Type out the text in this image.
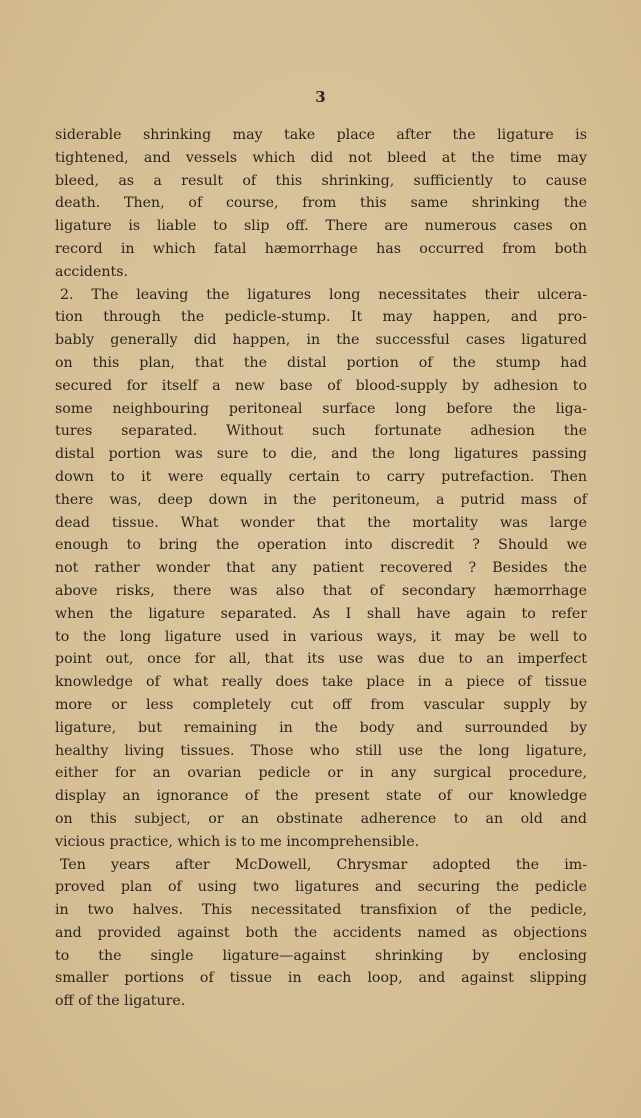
3
siderable shrinking may take place after the ligature is
tightened, and vessels which did not bleed at the time may
bleed, as a result of this shrinking, sufficiently to cause
death. Then, of course, from this same shrinking the
ligature is liable to slip off. There are numerous cases on
record in which fatal hæmorrhage has occurred from both
accidents.
2. The leaving the ligatures long necessitates their ulcera-
tion through the pedicle-stump. It may happen, and pro-
bably generally did happen, in the successful cases ligatured
on this plan, that the distal portion of the stump had
secured for itself a new base of blood-supply by adhesion to
some neighbouring peritoneal surface long before the liga-
tures separated. Without such fortunate adhesion the
distal portion was sure to die, and the long ligatures passing
down to it were equally certain to carry putrefaction. Then
there was, deep down in the peritoneum, a putrid mass of
dead tissue. What wonder that the mortality was large
enough to bring the operation into discredit ? Should we
not rather wonder that any patient recovered ? Besides the
above risks, there was also that of secondary hæmorrhage
when the ligature separated. As I shall have again to refer
to the long ligature used in various ways, it may be well to
point out, once for all, that its use was due to an imperfect
knowledge of what really does take place in a piece of tissue
more or less completely cut off from vascular supply by
ligature, but remaining in the body and surrounded by
healthy living tissues. Those who still use the long ligature,
either for an ovarian pedicle or in any surgical procedure,
display an ignorance of the present state of our knowledge
on this subject, or an obstinate adherence to an old and
vicious practice, which is to me incomprehensible.
Ten years after McDowell, Chrysmar adopted the im-
proved plan of using two ligatures and securing the pedicle
in two halves. This necessitated transfixion of the pedicle,
and provided against both the accidents named as objections
to the single ligature—against shrinking by enclosing
smaller portions of tissue in each loop, and against slipping
off of the ligature.
